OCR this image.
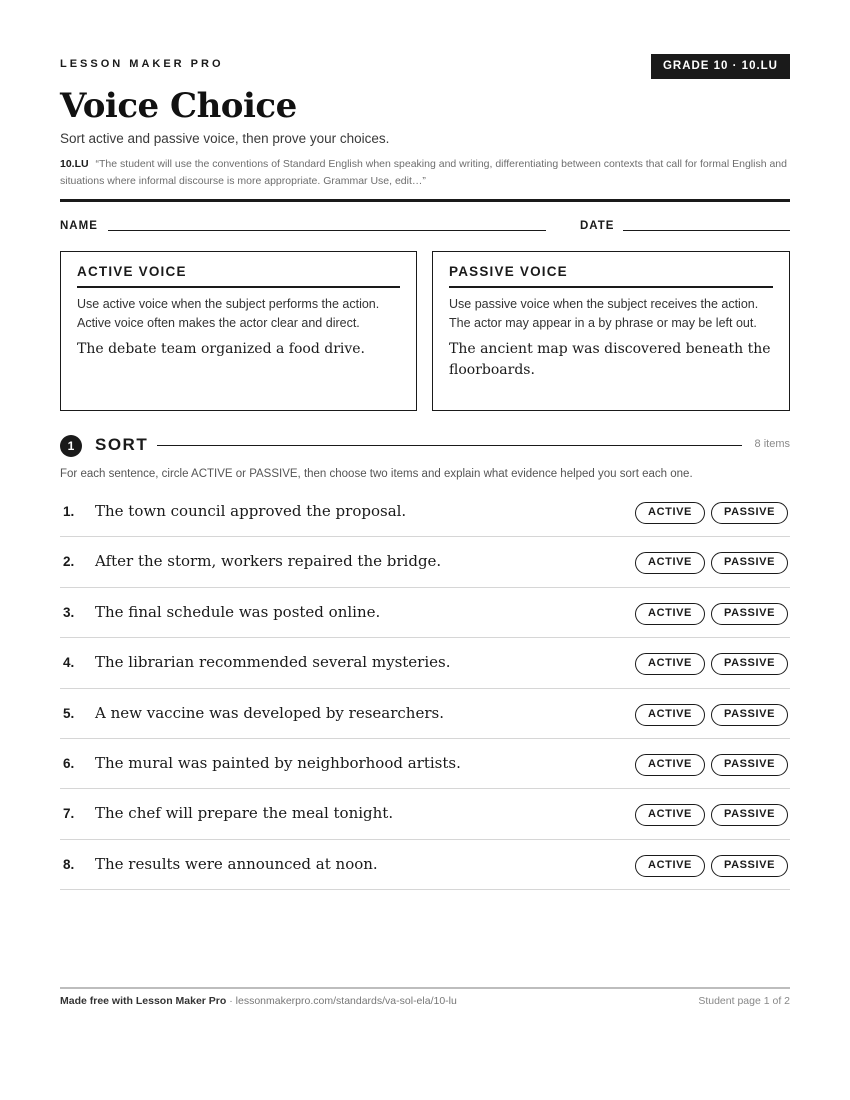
LESSON MAKER PRO	GRADE 10 · 10.LU
Voice Choice
Sort active and passive voice, then prove your choices.
10.LU “The student will use the conventions of Standard English when speaking and writing, differentiating between contexts that call for formal English and situations where informal discourse is more appropriate. Grammar Use, edit…”
NAME	DATE
ACTIVE VOICE
Use active voice when the subject performs the action. Active voice often makes the actor clear and direct.
The debate team organized a food drive.
PASSIVE VOICE
Use passive voice when the subject receives the action. The actor may appear in a by phrase or may be left out.
The ancient map was discovered beneath the floorboards.
1	SORT	8 items
For each sentence, circle ACTIVE or PASSIVE, then choose two items and explain what evidence helped you sort each one.
1. The town council approved the proposal.	ACTIVE	PASSIVE
2. After the storm, workers repaired the bridge.	ACTIVE	PASSIVE
3. The final schedule was posted online.	ACTIVE	PASSIVE
4. The librarian recommended several mysteries.	ACTIVE	PASSIVE
5. A new vaccine was developed by researchers.	ACTIVE	PASSIVE
6. The mural was painted by neighborhood artists.	ACTIVE	PASSIVE
7. The chef will prepare the meal tonight.	ACTIVE	PASSIVE
8. The results were announced at noon.	ACTIVE	PASSIVE
Made free with Lesson Maker Pro · lessonmakerpro.com/standards/va-sol-ela/10-lu	Student page 1 of 2
